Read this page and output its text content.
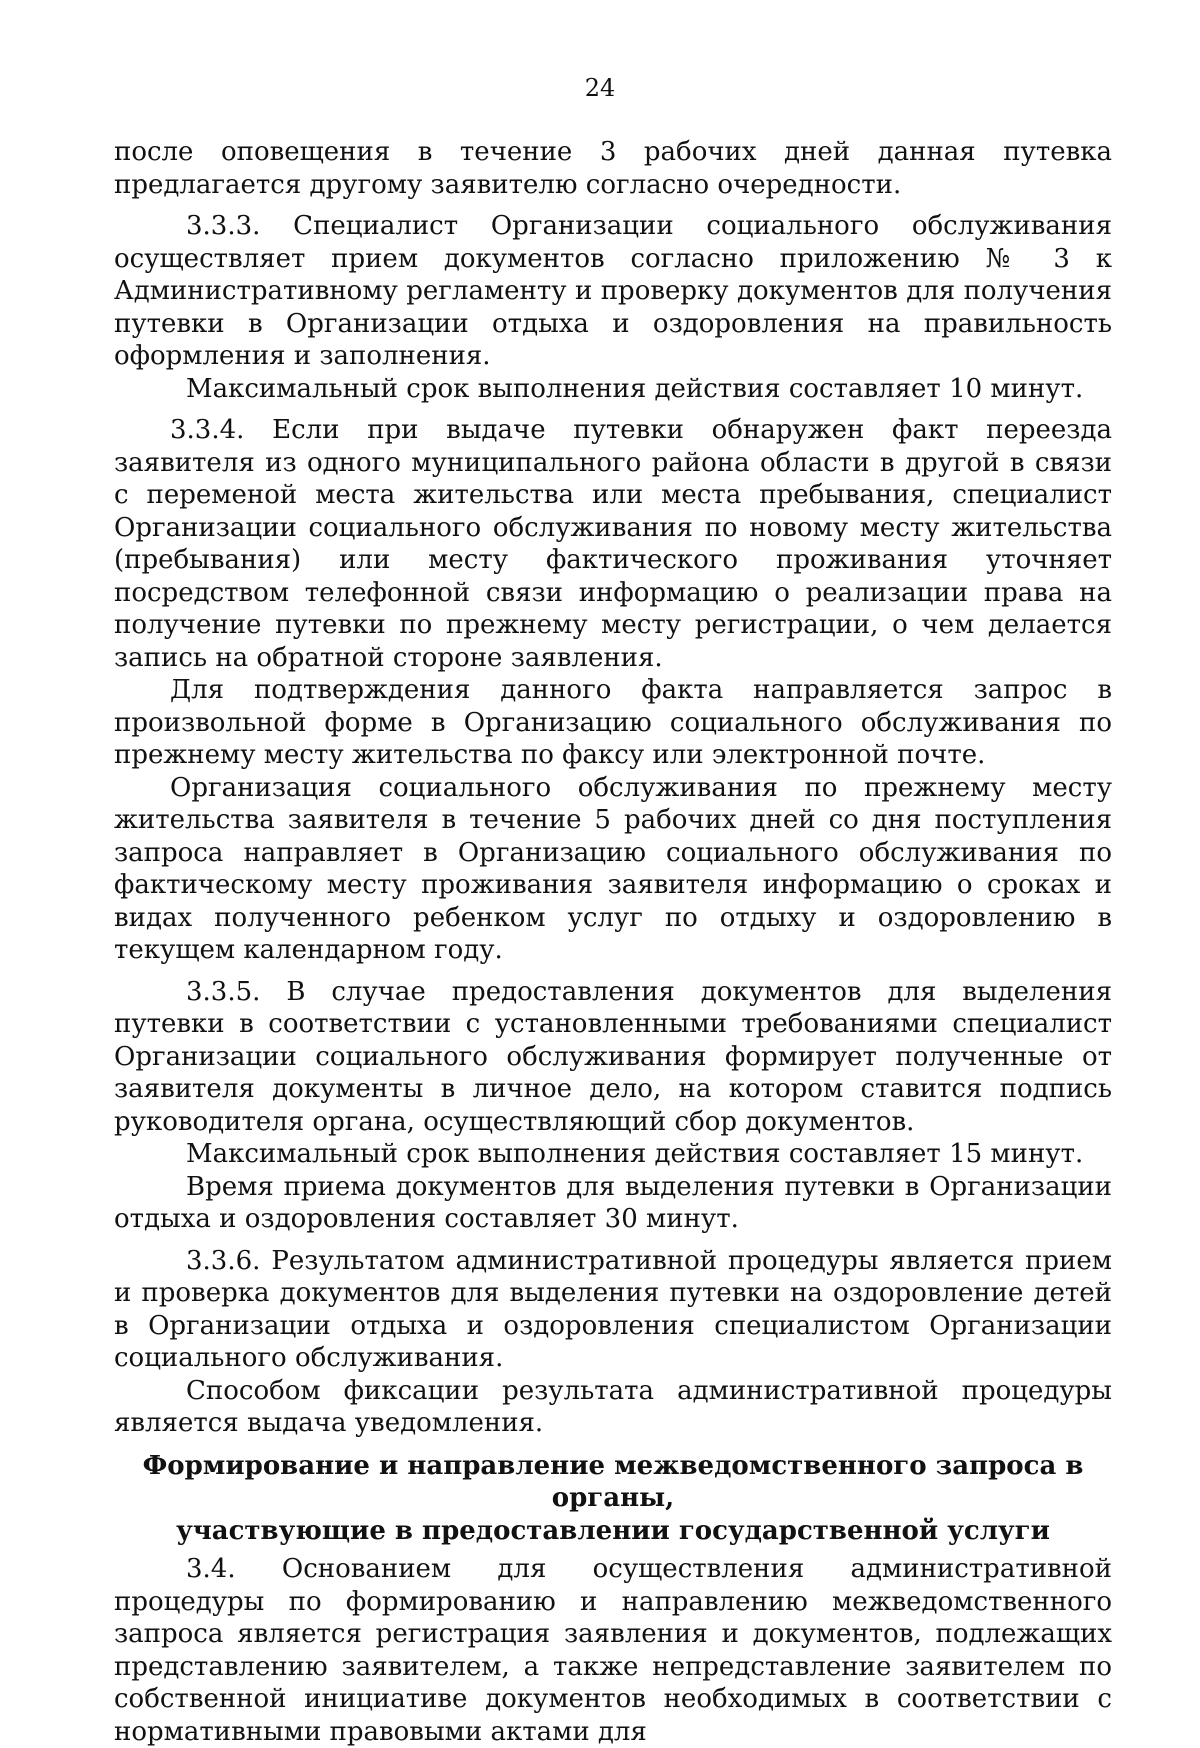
24

после оповещения в течение 3 рабочих дней данная путевка предлагается другому заявителю согласно очередности.

3.3.3. Специалист Организации социального обслуживания осуществляет прием документов согласно приложению № 3 к Административному регламенту и проверку документов для получения путевки в Организации отдыха и оздоровления на правильность оформления и заполнения.

Максимальный срок выполнения действия составляет 10 минут.

3.3.4. Если при выдаче путевки обнаружен факт переезда заявителя из одного муниципального района области в другой в связи с переменой места жительства или места пребывания, специалист Организации социального обслуживания по новому месту жительства (пребывания) или месту фактического проживания уточняет посредством телефонной связи информацию о реализации права на получение путевки по прежнему месту регистрации, о чем делается запись на обратной стороне заявления.

Для подтверждения данного факта направляется запрос в произвольной форме в Организацию социального обслуживания по прежнему месту жительства по факсу или электронной почте.

Организация социального обслуживания по прежнему месту жительства заявителя в течение 5 рабочих дней со дня поступления запроса направляет в Организацию социального обслуживания по фактическому месту проживания заявителя информацию о сроках и видах полученного ребенком услуг по отдыху и оздоровлению в текущем календарном году.

3.3.5. В случае предоставления документов для выделения путевки в соответствии с установленными требованиями специалист Организации социального обслуживания формирует полученные от заявителя документы в личное дело, на котором ставится подпись руководителя органа, осуществляющий сбор документов.

Максимальный срок выполнения действия составляет 15 минут.

Время приема документов для выделения путевки в Организации отдыха и оздоровления составляет 30 минут.

3.3.6. Результатом административной процедуры является прием и проверка документов для выделения путевки на оздоровление детей в Организации отдыха и оздоровления специалистом Организации социального обслуживания.

Способом фиксации результата административной процедуры является выдача уведомления.

Формирование и направление межведомственного запроса в органы,
участвующие в предоставлении государственной услуги

3.4. Основанием для осуществления административной процедуры по формированию и направлению межведомственного запроса является регистрация заявления и документов, подлежащих представлению заявителем, а также непредставление заявителем по собственной инициативе документов необходимых в соответствии с нормативными правовыми актами для
